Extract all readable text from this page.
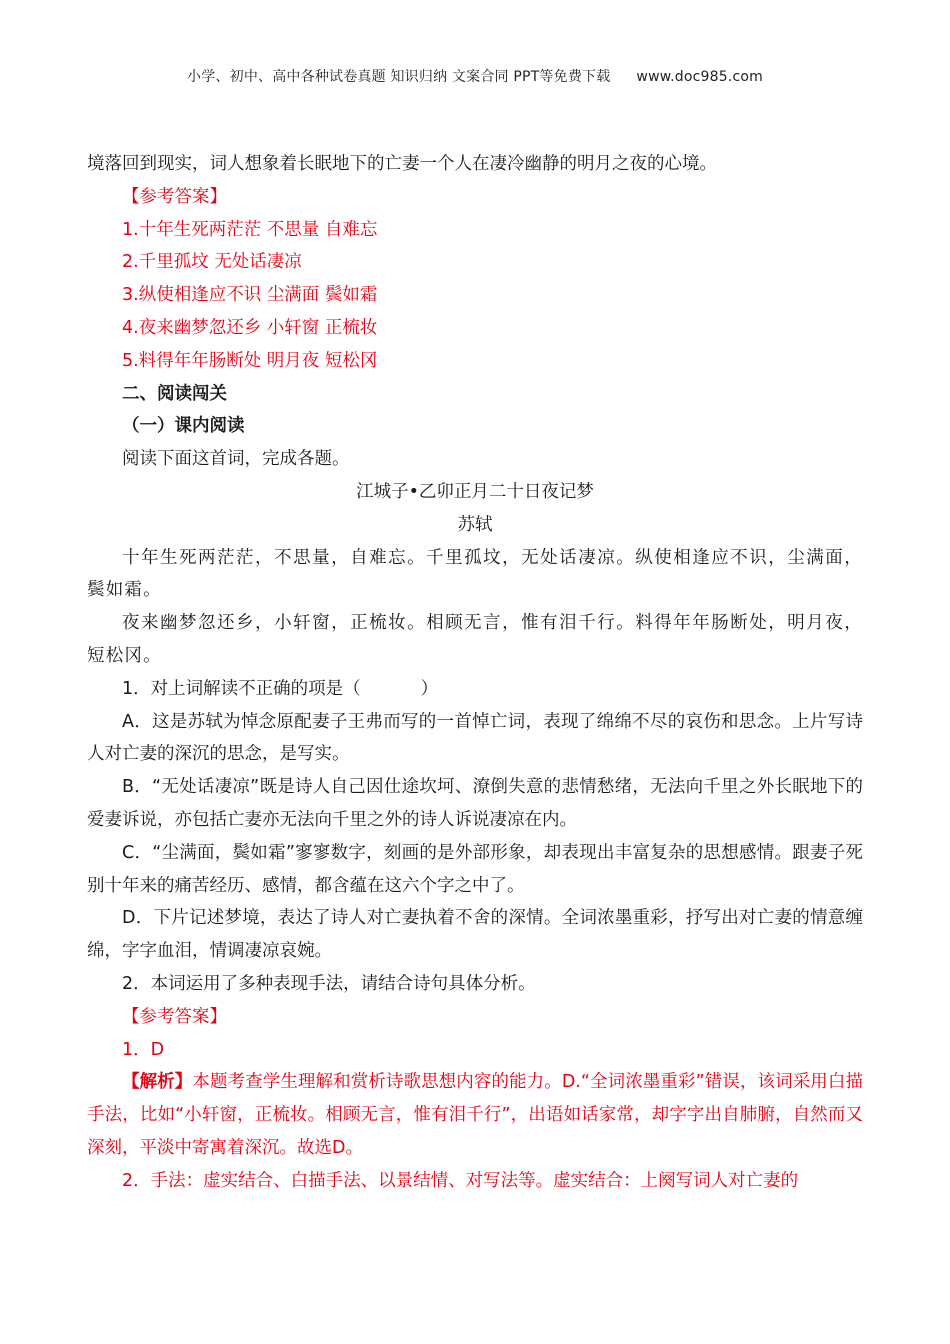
小学、初中、高中各种试卷真题 知识归纳 文案合同 PPT等免费下载 www.doc985.com
境落回到现实，词人想象着长眠地下的亡妻一个人在凄冷幽静的明月之夜的心境。
【参考答案】
1.十年生死两茫茫 不思量 自难忘
2.千里孤坟 无处话凄凉
3.纵使相逢应不识 尘满面 鬓如霜
4.夜来幽梦忽还乡 小轩窗 正梳妆
5.料得年年肠断处 明月夜 短松冈
二、阅读闯关
（一）课内阅读
阅读下面这首词，完成各题。
江城子•乙卯正月二十日夜记梦
苏轼
十年生死两茫茫，不思量，自难忘。千里孤坟，无处话凄凉。纵使相逢应不识，尘满面，鬓如霜。
夜来幽梦忽还乡，小轩窗，正梳妆。相顾无言，惟有泪千行。料得年年肠断处，明月夜，短松冈。
1．对上词解读不正确的项是（	）
A．这是苏轼为悼念原配妻子王弗而写的一首悼亡词，表现了绵绵不尽的哀伤和思念。上片写诗人对亡妻的深沉的思念，是写实。
B．“无处话凄凉”既是诗人自己因仕途坎坷、潦倒失意的悲情愁绪，无法向千里之外长眠地下的爱妻诉说，亦包括亡妻亦无法向千里之外的诗人诉说凄凉在内。
C．“尘满面，鬓如霜”寥寥数字，刻画的是外部形象，却表现出丰富复杂的思想感情。跟妻子死别十年来的痛苦经历、感情，都含蕴在这六个字之中了。
D．下片记述梦境，表达了诗人对亡妻执着不舍的深情。全词浓墨重彩，抒写出对亡妻的情意缠绵，字字血泪，情调凄凉哀婉。
2．本词运用了多种表现手法，请结合诗句具体分析。
【参考答案】
1．D
【解析】本题考查学生理解和赏析诗歌思想内容的能力。D.“全词浓墨重彩”错误，该词采用白描手法，比如“小轩窗，正梳妆。相顾无言，惟有泪千行”，出语如话家常，却字字出自肺腑，自然而又深刻，平淡中寄寓着深沉。故选D。
2．手法：虚实结合、白描手法、以景结情、对写法等。虚实结合：上阕写词人对亡妻的
